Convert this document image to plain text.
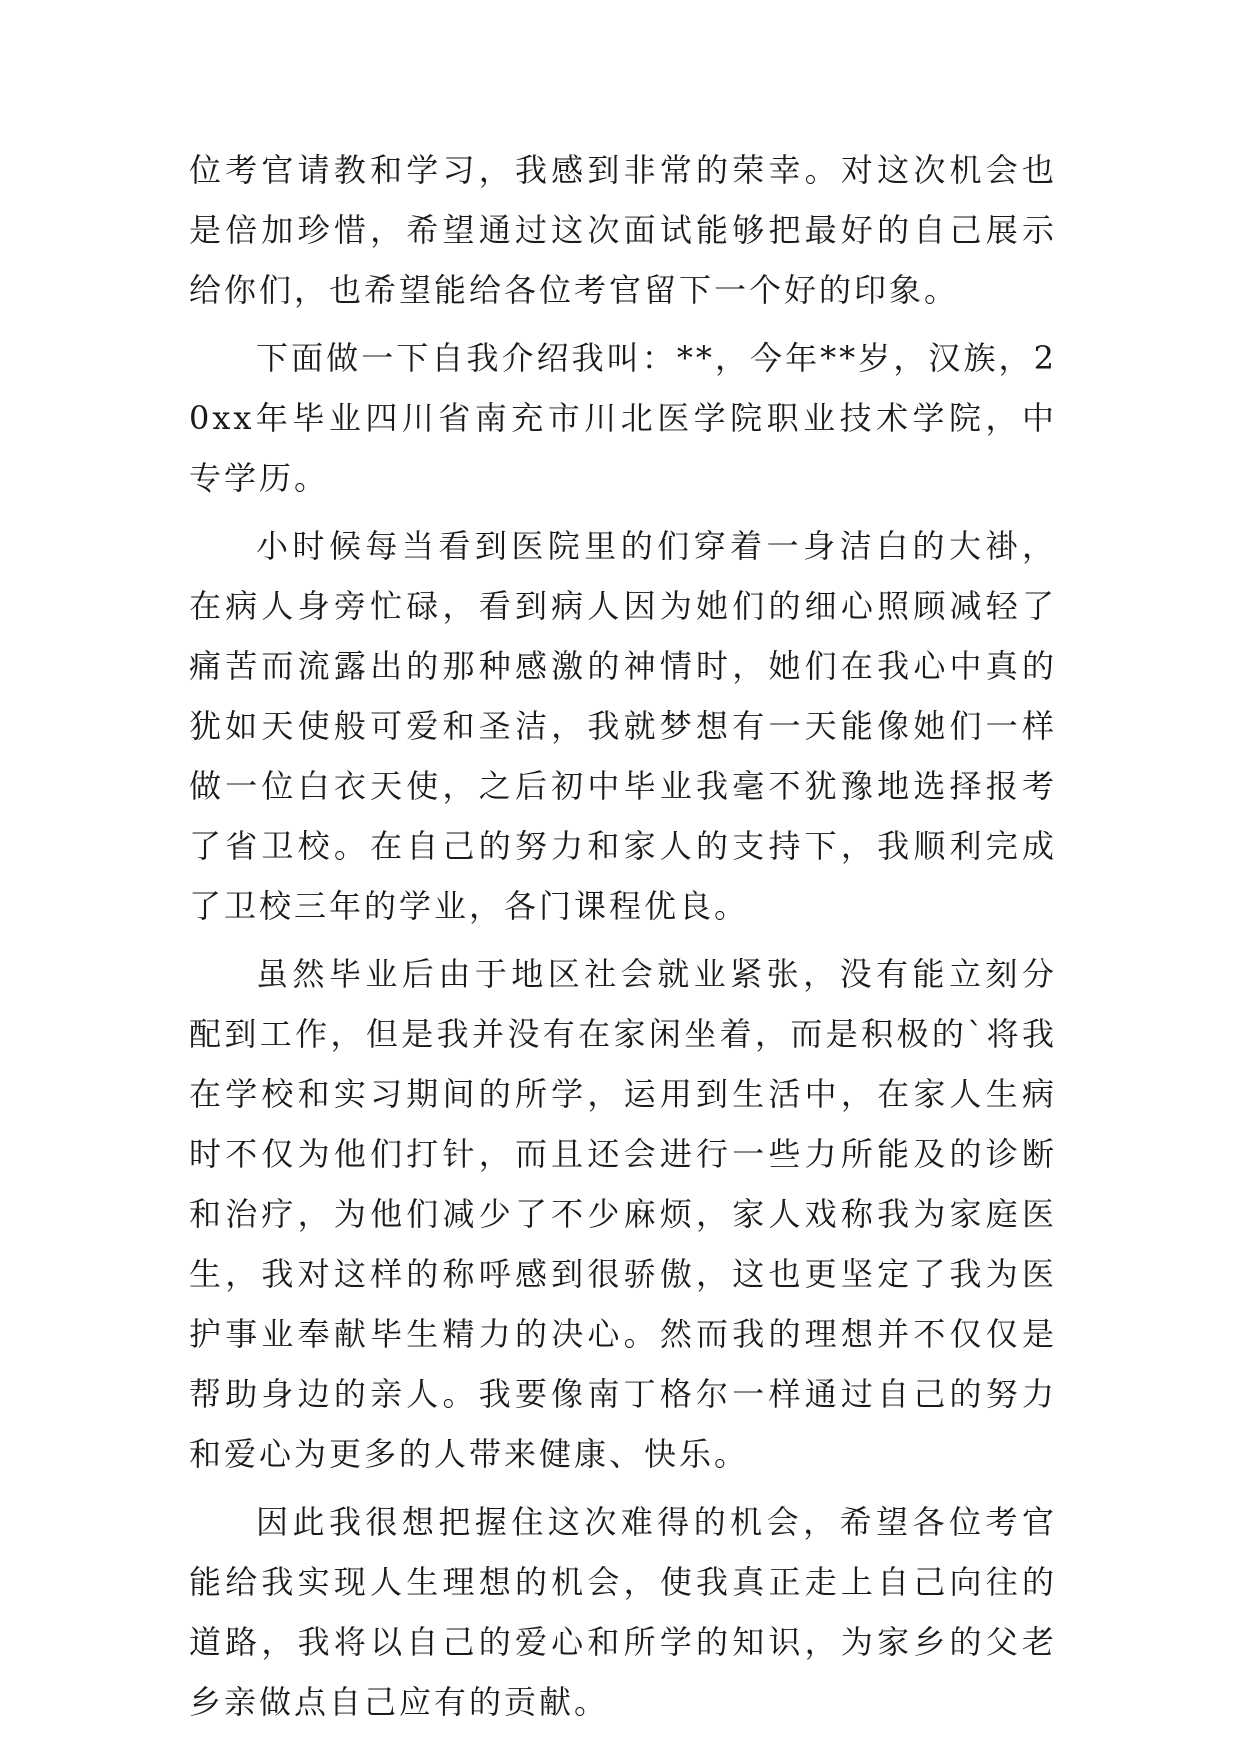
位考官请教和学习，我感到非常的荣幸。对这次机会也是倍加珍惜，希望通过这次面试能够把最好的自己展示给你们，也希望能给各位考官留下一个好的印象。

下面做一下自我介绍我叫：**，今年**岁，汉族，20xx年毕业四川省南充市川北医学院职业技术学院，中专学历。

小时候每当看到医院里的们穿着一身洁白的大褂，在病人身旁忙碌，看到病人因为她们的细心照顾减轻了痛苦而流露出的那种感激的神情时，她们在我心中真的犹如天使般可爱和圣洁，我就梦想有一天能像她们一样做一位白衣天使，之后初中毕业我毫不犹豫地选择报考了省卫校。在自己的努力和家人的支持下，我顺利完成了卫校三年的学业，各门课程优良。

虽然毕业后由于地区社会就业紧张，没有能立刻分配到工作，但是我并没有在家闲坐着，而是积极的`将我在学校和实习期间的所学，运用到生活中，在家人生病时不仅为他们打针，而且还会进行一些力所能及的诊断和治疗，为他们减少了不少麻烦，家人戏称我为家庭医生，我对这样的称呼感到很骄傲，这也更坚定了我为医护事业奉献毕生精力的决心。然而我的理想并不仅仅是帮助身边的亲人。我要像南丁格尔一样通过自己的努力和爱心为更多的人带来健康、快乐。

因此我很想把握住这次难得的机会，希望各位考官能给我实现人生理想的机会，使我真正走上自己向往的道路，我将以自己的爱心和所学的知识，为家乡的父老乡亲做点自己应有的贡献。
